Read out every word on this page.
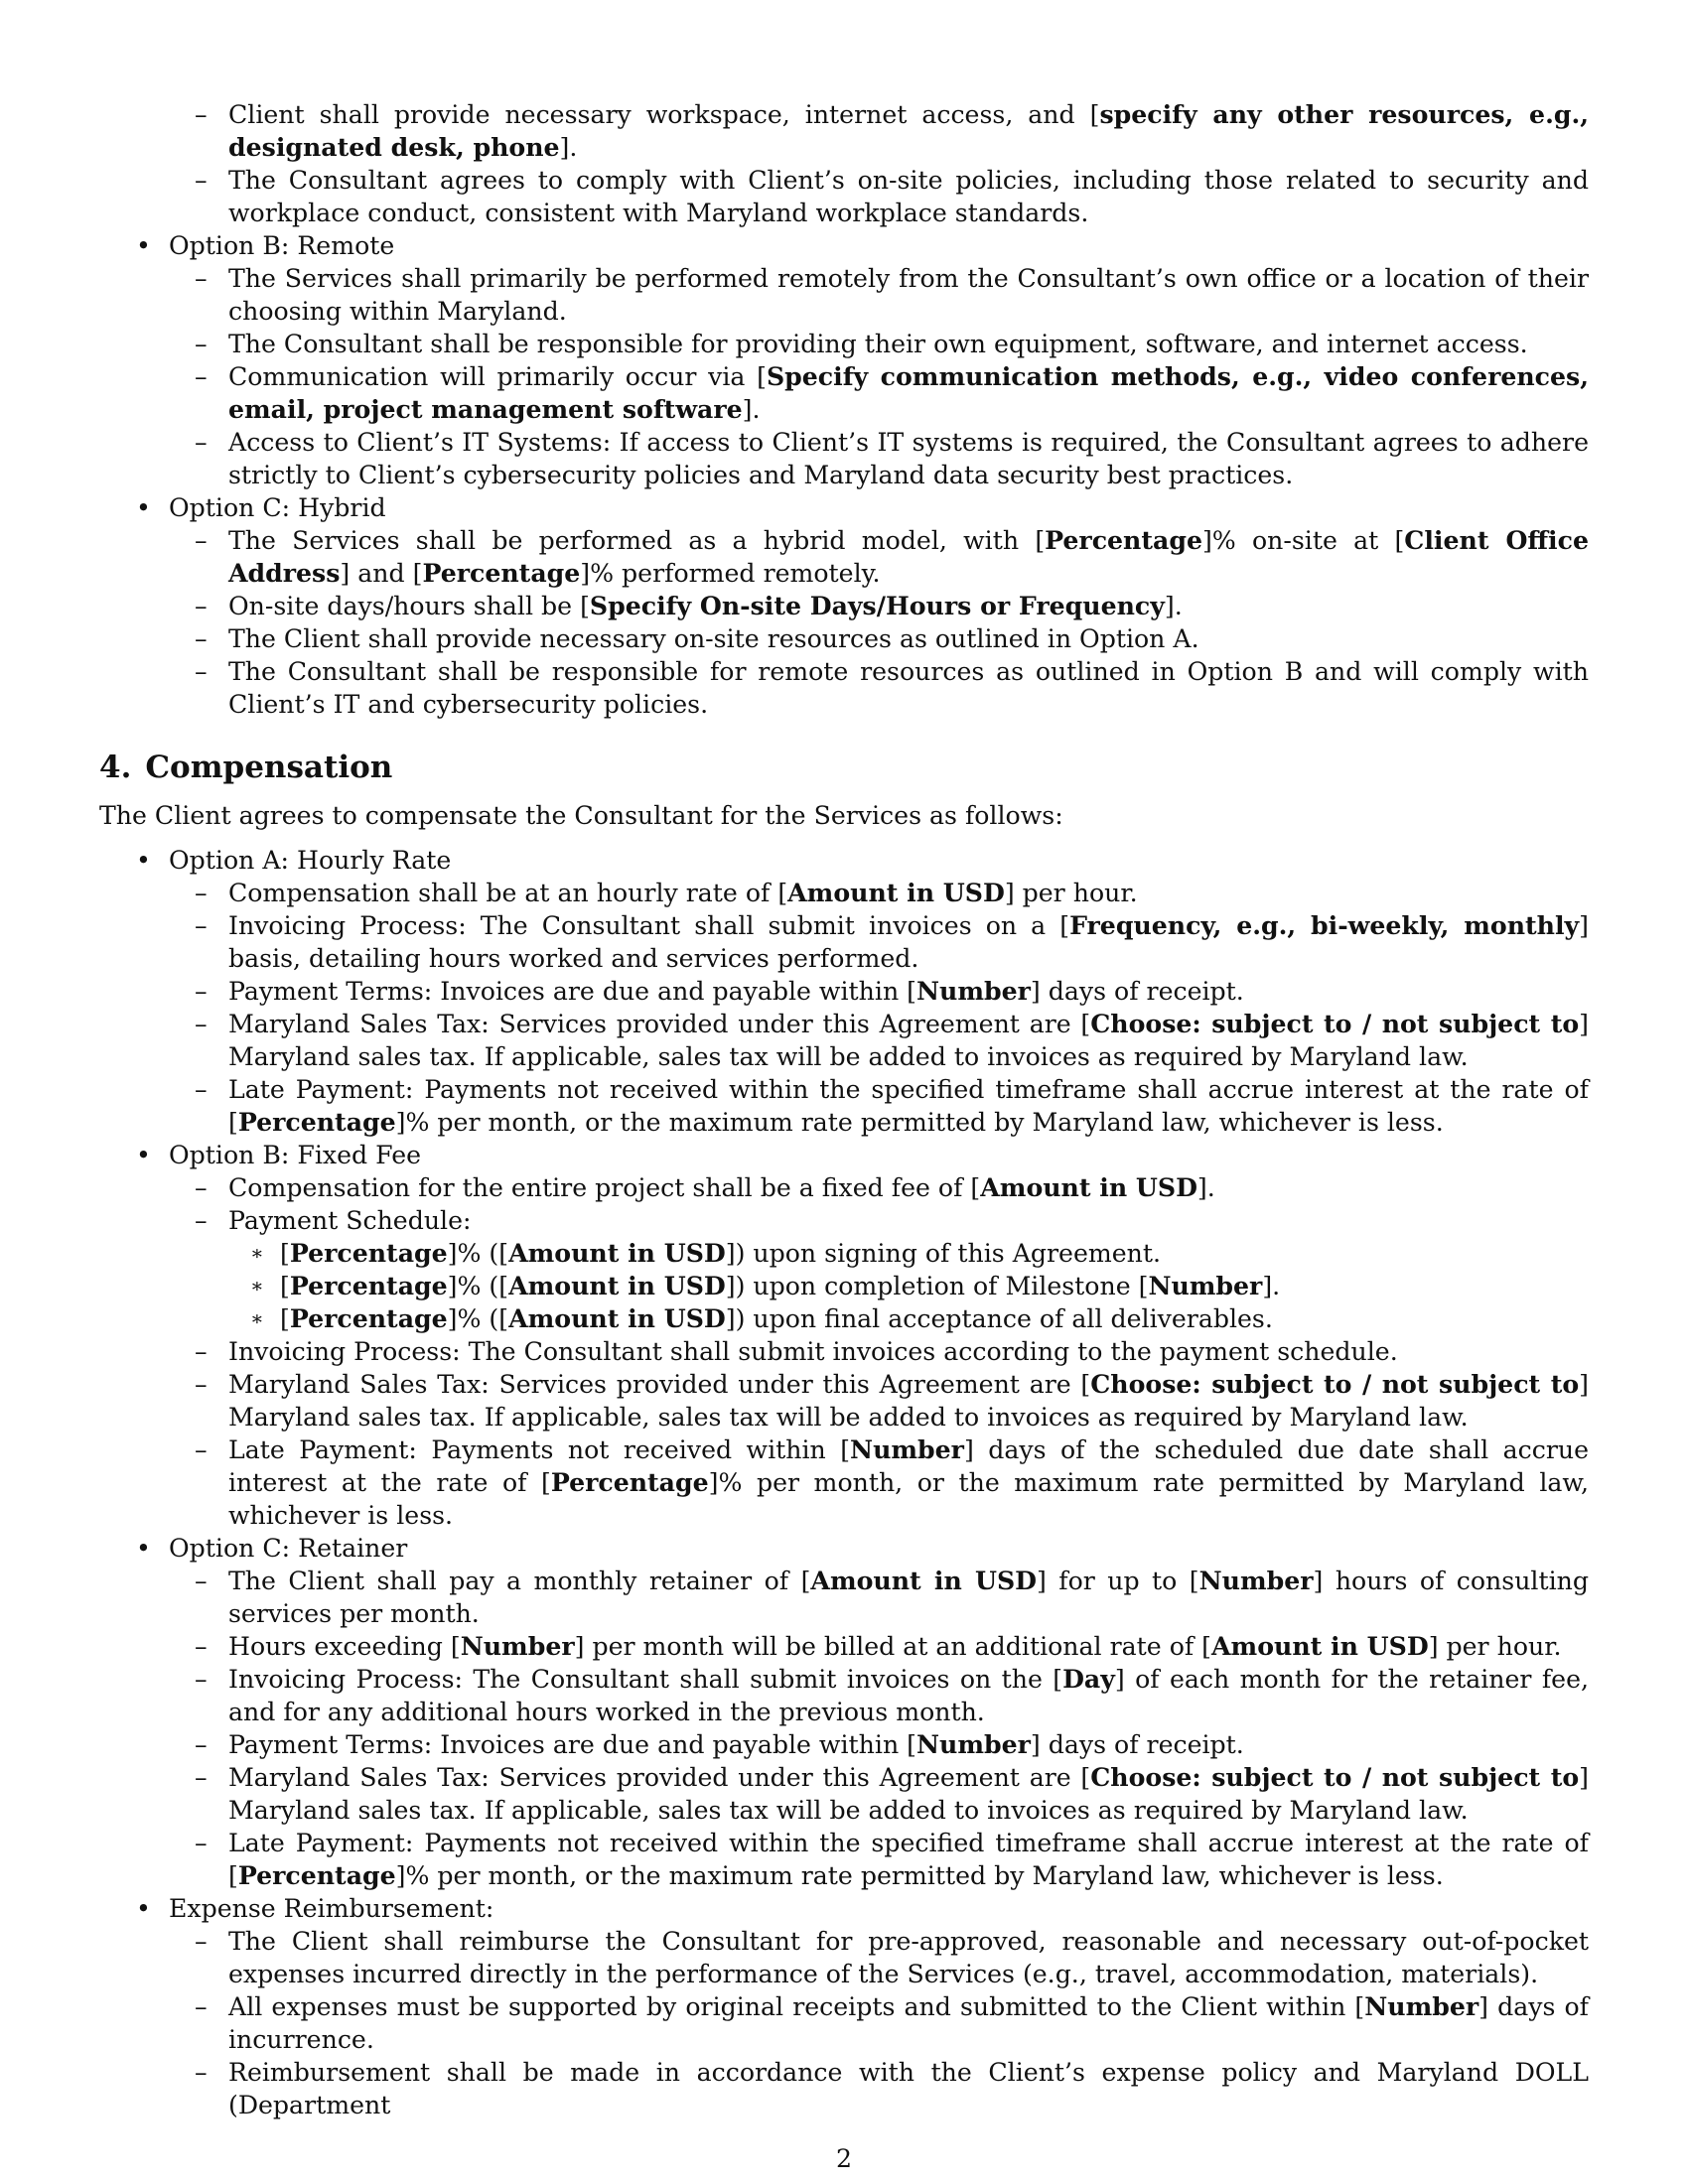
– Client shall provide necessary workspace, internet access, and [specify any other resources, e.g., designated desk, phone].
– The Consultant agrees to comply with Client’s on-site policies, including those related to security and workplace conduct, consistent with Maryland workplace standards.
• Option B: Remote
– The Services shall primarily be performed remotely from the Consultant’s own office or a location of their choosing within Maryland.
– The Consultant shall be responsible for providing their own equipment, software, and internet access.
– Communication will primarily occur via [Specify communication methods, e.g., video conferences, email, project management software].
– Access to Client’s IT Systems: If access to Client’s IT systems is required, the Consultant agrees to adhere strictly to Client’s cybersecurity policies and Maryland data security best practices.
• Option C: Hybrid
– The Services shall be performed as a hybrid model, with [Percentage]% on-site at [Client Office Address] and [Percentage]% performed remotely.
– On-site days/hours shall be [Specify On-site Days/Hours or Frequency].
– The Client shall provide necessary on-site resources as outlined in Option A.
– The Consultant shall be responsible for remote resources as outlined in Option B and will comply with Client’s IT and cybersecurity policies.
4. Compensation

The Client agrees to compensate the Consultant for the Services as follows:

• Option A: Hourly Rate
– Compensation shall be at an hourly rate of [Amount in USD] per hour.
– Invoicing Process: The Consultant shall submit invoices on a [Frequency, e.g., bi-weekly, monthly] basis, detailing hours worked and services performed.
– Payment Terms: Invoices are due and payable within [Number] days of receipt.
– Maryland Sales Tax: Services provided under this Agreement are [Choose: subject to / not subject to] Maryland sales tax. If applicable, sales tax will be added to invoices as required by Maryland law.
– Late Payment: Payments not received within the specified timeframe shall accrue interest at the rate of [Percentage]% per month, or the maximum rate permitted by Maryland law, whichever is less.
• Option B: Fixed Fee
– Compensation for the entire project shall be a fixed fee of [Amount in USD].
– Payment Schedule:
∗ [Percentage]% ([Amount in USD]) upon signing of this Agreement.
∗ [Percentage]% ([Amount in USD]) upon completion of Milestone [Number].
∗ [Percentage]% ([Amount in USD]) upon final acceptance of all deliverables.
– Invoicing Process: The Consultant shall submit invoices according to the payment schedule.
– Maryland Sales Tax: Services provided under this Agreement are [Choose: subject to / not subject to] Maryland sales tax. If applicable, sales tax will be added to invoices as required by Maryland law.
– Late Payment: Payments not received within [Number] days of the scheduled due date shall accrue interest at the rate of [Percentage]% per month, or the maximum rate permitted by Maryland law, whichever is less.
• Option C: Retainer
– The Client shall pay a monthly retainer of [Amount in USD] for up to [Number] hours of consulting services per month.
– Hours exceeding [Number] per month will be billed at an additional rate of [Amount in USD] per hour.
– Invoicing Process: The Consultant shall submit invoices on the [Day] of each month for the retainer fee, and for any additional hours worked in the previous month.
– Payment Terms: Invoices are due and payable within [Number] days of receipt.
– Maryland Sales Tax: Services provided under this Agreement are [Choose: subject to / not subject to] Maryland sales tax. If applicable, sales tax will be added to invoices as required by Maryland law.
– Late Payment: Payments not received within the specified timeframe shall accrue interest at the rate of [Percentage]% per month, or the maximum rate permitted by Maryland law, whichever is less.
• Expense Reimbursement:
– The Client shall reimburse the Consultant for pre-approved, reasonable and necessary out-of-pocket expenses incurred directly in the performance of the Services (e.g., travel, accommodation, materials).
– All expenses must be supported by original receipts and submitted to the Client within [Number] days of incurrence.
– Reimbursement shall be made in accordance with the Client’s expense policy and Maryland DOLL (Department
2
